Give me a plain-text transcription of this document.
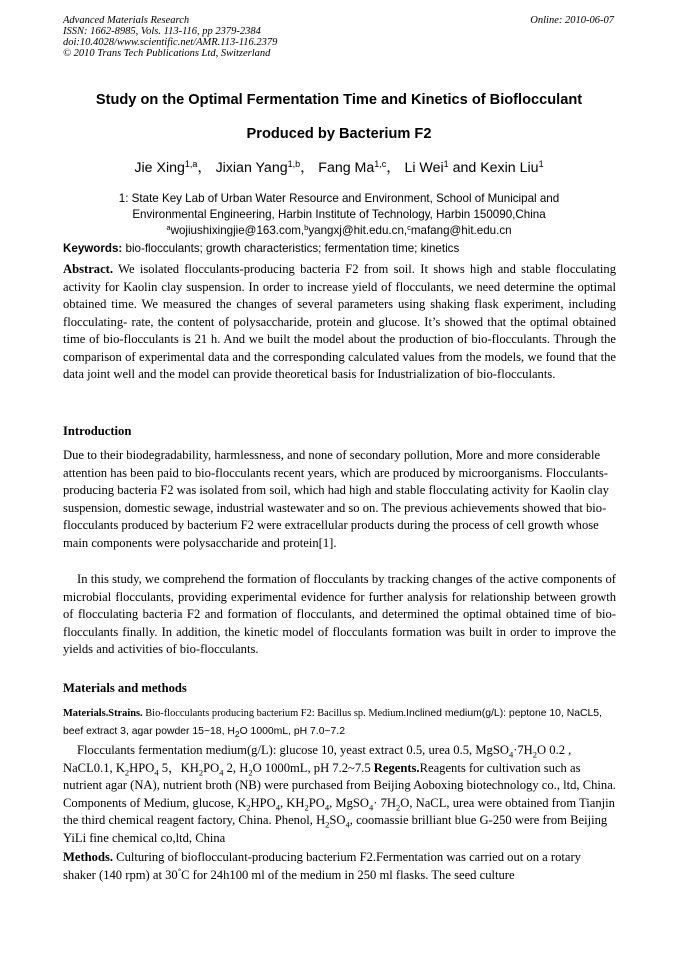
Advanced Materials Research
ISSN: 1662-8985, Vols. 113-116, pp 2379-2384
doi:10.4028/www.scientific.net/AMR.113-116.2379
© 2010 Trans Tech Publications Ltd, Switzerland
Online: 2010-06-07
Study on the Optimal Fermentation Time and Kinetics of Bioflocculant
Produced by Bacterium F2
Jie Xing$^{1,a}$， Jixian Yang$^{1,b}$， Fang Ma$^{1,c}$， Li Wei$^1$ and Kexin Liu$^1$
1: State Key Lab of Urban Water Resource and Environment, School of Municipal and
Environmental Engineering, Harbin Institute of Technology, Harbin 150090,China
$^a$wojiushixingjie@163.com,$^b$yangxj@hit.edu.cn,$^c$mafang@hit.edu.cn
Keywords: bio-flocculants; growth characteristics; fermentation time; kinetics

Abstract. We isolated flocculants-producing bacteria F2 from soil. It shows high and stable flocculating activity for Kaolin clay suspension. In order to increase yield of flocculants, we need determine the optimal obtained time. We measured the changes of several parameters using shaking flask experiment, including flocculating- rate, the content of polysaccharide, protein and glucose. It’s showed that the optimal obtained time of bio-flocculants is 21 h. And we built the model about the production of bio-flocculants. Through the comparison of experimental data and the corresponding calculated values from the models, we found that the data joint well and the model can provide theoretical basis for Industrialization of bio-flocculants.

Introduction

Due to their biodegradability, harmlessness, and none of secondary pollution, More and more considerable attention has been paid to bio-flocculants recent years, which are produced by microorganisms. Flocculants-producing bacteria F2 was isolated from soil, which had high and stable flocculating activity for Kaolin clay suspension, domestic sewage, industrial wastewater and so on. The previous achievements showed that bio-flocculants produced by bacterium F2 were extracellular products during the process of cell growth whose main components were polysaccharide and protein[1].

In this study, we comprehend the formation of flocculants by tracking changes of the active components of microbial flocculants, providing experimental evidence for further analysis for relationship between growth of flocculating bacteria F2 and formation of flocculants, and determined the optimal obtained time of bio-flocculants finally. In addition, the kinetic model of flocculants formation was built in order to improve the yields and activities of bio-flocculants.

Materials and methods

Materials.Strains. Bio-flocculants producing bacterium F2: Bacillus sp. Medium.Inclined medium(g/L): peptone 10, NaCL5, beef extract 3, agar powder 15~18, $H_2O$ 1000mL, pH 7.0~7.2

Flocculants fermentation medium(g/L): glucose 10, yeast extract 0.5, urea 0.5, $MgSO_4\cdot 7H_2O$ 0.2 , NaCL0.1, $K_2HPO_4$ 5，$KH_2PO_4$ 2, $H_2O$ 1000mL, pH 7.2~7.5 Regents.Reagents for cultivation such as nutrient agar (NA), nutrient broth (NB) were purchased from Beijing Aoboxing biotechnology co., ltd, China. Components of Medium, glucose, $K_2HPO_4$, $KH_2PO_4$, MgSO$_4$· $7H_2O$, NaCL, urea were obtained from Tianjin the third chemical reagent factory, China. Phenol, $H_2SO_4$, coomassie brilliant blue G-250 were from Beijing YiLi fine chemical co,ltd, China

Methods. Culturing of bioflocculant-producing bacterium F2.Fermentation was carried out on a rotary shaker (140 rpm) at 30°C for 24h100 ml of the medium in 250 ml flasks. The seed culture
